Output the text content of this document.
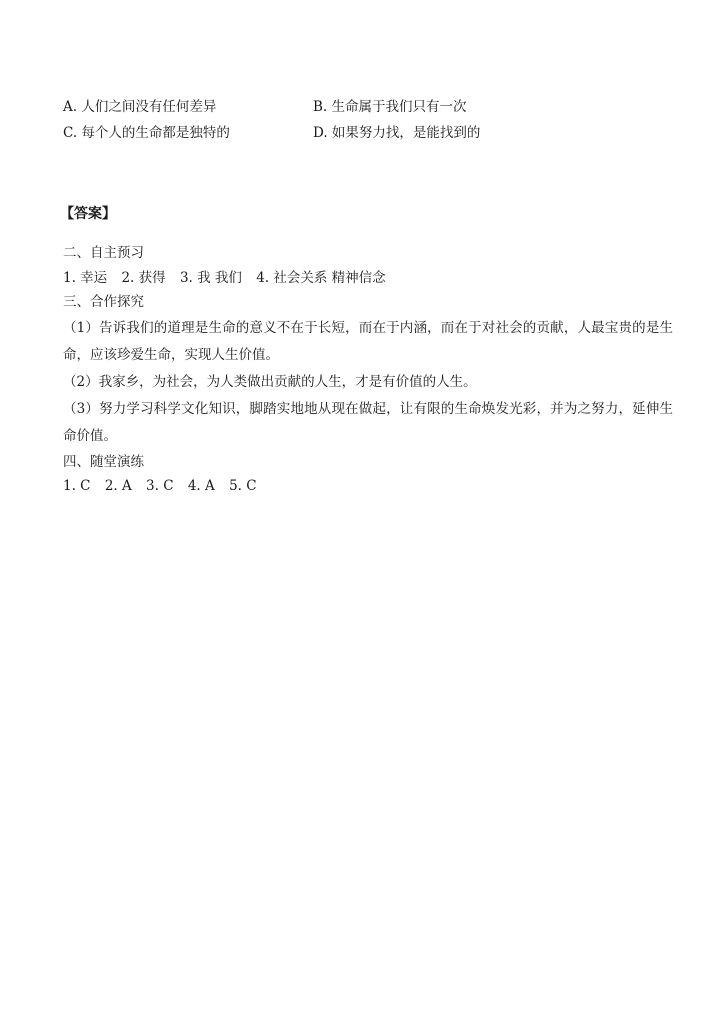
A. 人们之间没有任何差异	B. 生命属于我们只有一次
C. 每个人的生命都是独特的	D. 如果努力找，是能找到的
【答案】
二、自主预习
1. 幸运 2. 获得 3. 我 我们 4. 社会关系 精神信念
三、合作探究
（1）告诉我们的道理是生命的意义不在于长短，而在于内涵，而在于对社会的贡献，人最宝贵的是生命，应该珍爱生命，实现人生价值。
（2）我家乡，为社会，为人类做出贡献的人生，才是有价值的人生。
（3）努力学习科学文化知识，脚踏实地地从现在做起，让有限的生命焕发光彩，并为之努力，延伸生命价值。
四、随堂演练
1. C 2. A 3. C 4. A 5. C
